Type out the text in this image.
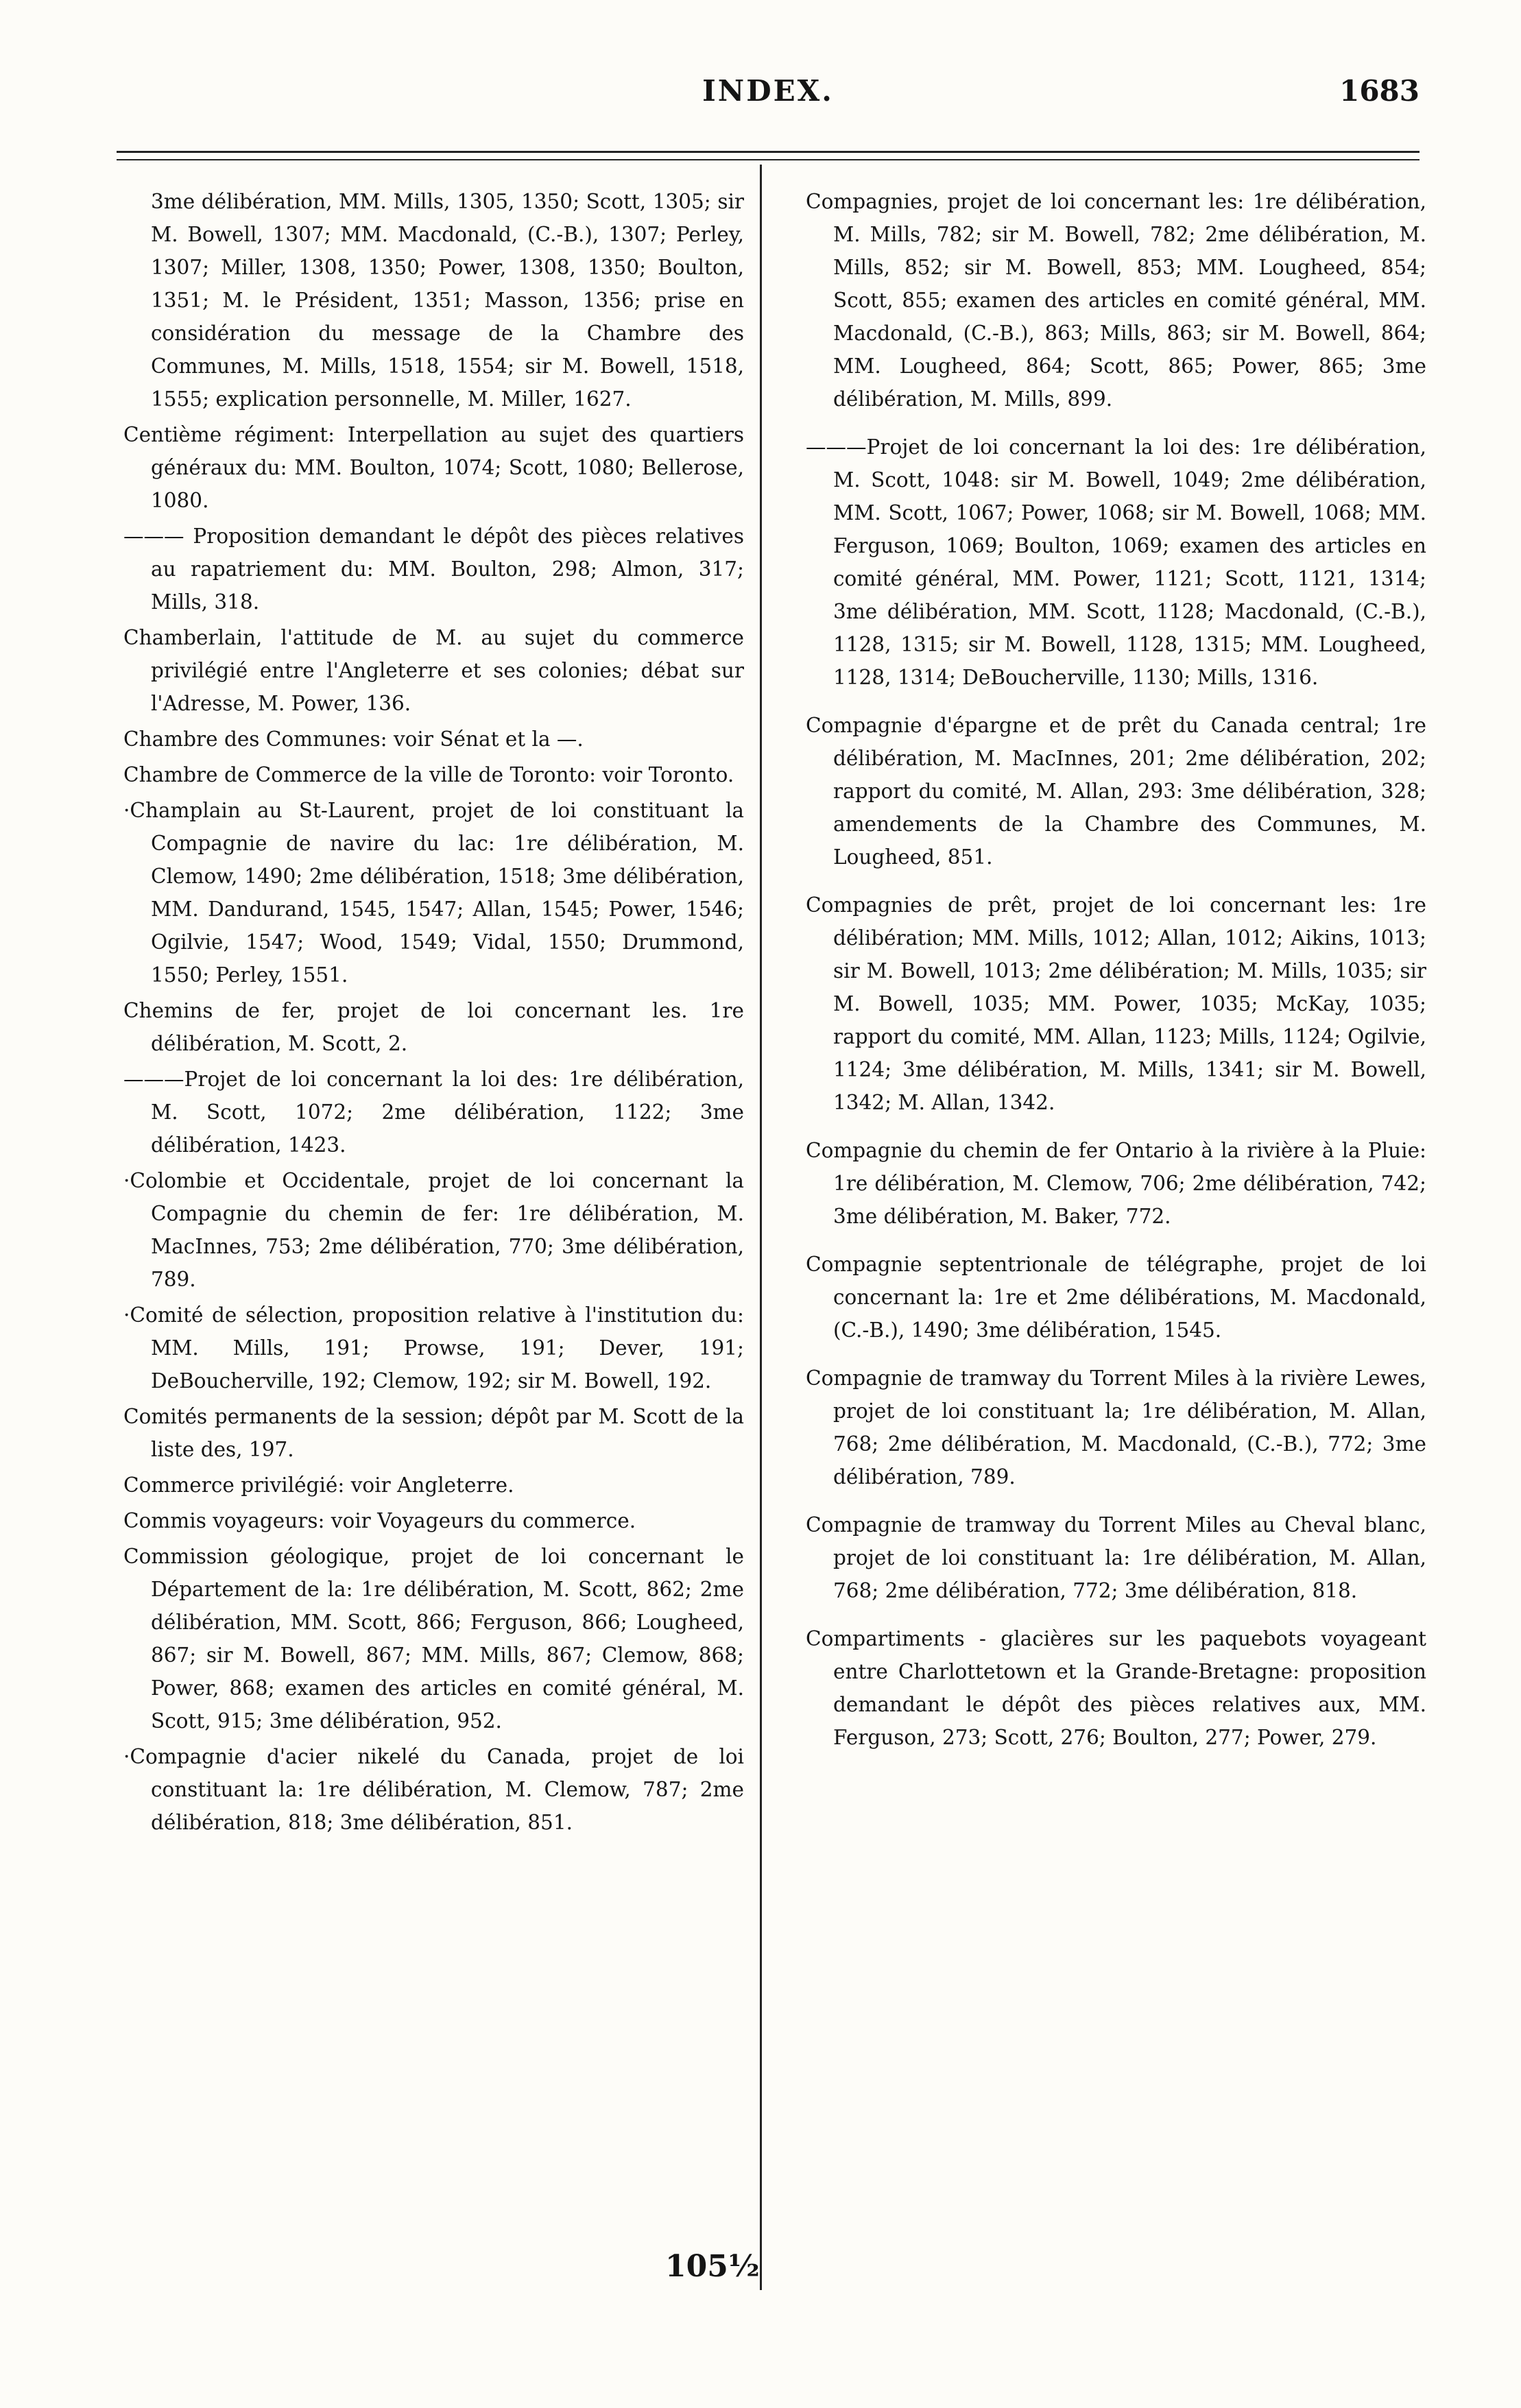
INDEX.	1683

3me délibération, MM. Mills, 1305, 1350; Scott, 1305; sir M. Bowell, 1307; MM. Macdonald, (C.-B.), 1307; Perley, 1307; Miller, 1308, 1350; Power, 1308, 1350; Boulton, 1351; M. le Président, 1351; Masson, 1356; prise en considération du message de la Chambre des Communes, M. Mills, 1518, 1554; sir M. Bowell, 1518, 1555; explication personnelle, M. Miller, 1627.

Centième régiment: Interpellation au sujet des quartiers généraux du: MM. Boulton, 1074; Scott, 1080; Bellerose, 1080.

——— Proposition demandant le dépôt des pièces relatives au rapatriement du: MM. Boulton, 298; Almon, 317; Mills, 318.

Chamberlain, l'attitude de M. au sujet du commerce privilégié entre l'Angleterre et ses colonies; débat sur l'Adresse, M. Power, 136.

Chambre des Communes: voir Sénat et la —.

Chambre de Commerce de la ville de Toronto: voir Toronto.

·Champlain au St-Laurent, projet de loi constituant la Compagnie de navire du lac: 1re délibération, M. Clemow, 1490; 2me délibération, 1518; 3me délibération, MM. Dandurand, 1545, 1547; Allan, 1545; Power, 1546; Ogilvie, 1547; Wood, 1549; Vidal, 1550; Drummond, 1550; Perley, 1551.

Chemins de fer, projet de loi concernant les. 1re délibération, M. Scott, 2.

———Projet de loi concernant la loi des: 1re délibération, M. Scott, 1072; 2me délibération, 1122; 3me délibération, 1423.

·Colombie et Occidentale, projet de loi concernant la Compagnie du chemin de fer: 1re délibération, M. MacInnes, 753; 2me délibération, 770; 3me délibération, 789.

·Comité de sélection, proposition relative à l'institution du: MM. Mills, 191; Prowse, 191; Dever, 191; DeBoucherville, 192; Clemow, 192; sir M. Bowell, 192.

Comités permanents de la session; dépôt par M. Scott de la liste des, 197.

Commerce privilégié: voir Angleterre.

Commis voyageurs: voir Voyageurs du commerce.

Commission géologique, projet de loi concernant le Département de la: 1re délibération, M. Scott, 862; 2me délibération, MM. Scott, 866; Ferguson, 866; Lougheed, 867; sir M. Bowell, 867; MM. Mills, 867; Clemow, 868; Power, 868; examen des articles en comité général, M. Scott, 915; 3me délibération, 952.

·Compagnie d'acier nikelé du Canada, projet de loi constituant la: 1re délibération, M. Clemow, 787; 2me délibération, 818; 3me délibération, 851.

Compagnies, projet de loi concernant les: 1re délibération, M. Mills, 782; sir M. Bowell, 782; 2me délibération, M. Mills, 852; sir M. Bowell, 853; MM. Lougheed, 854; Scott, 855; examen des articles en comité général, MM. Macdonald, (C.-B.), 863; Mills, 863; sir M. Bowell, 864; MM. Lougheed, 864; Scott, 865; Power, 865; 3me délibération, M. Mills, 899.

———Projet de loi concernant la loi des: 1re délibération, M. Scott, 1048: sir M. Bowell, 1049; 2me délibération, MM. Scott, 1067; Power, 1068; sir M. Bowell, 1068; MM. Ferguson, 1069; Boulton, 1069; examen des articles en comité général, MM. Power, 1121; Scott, 1121, 1314; 3me délibération, MM. Scott, 1128; Macdonald, (C.-B.), 1128, 1315; sir M. Bowell, 1128, 1315; MM. Lougheed, 1128, 1314; DeBoucherville, 1130; Mills, 1316.

Compagnie d'épargne et de prêt du Canada central; 1re délibération, M. MacInnes, 201; 2me délibération, 202; rapport du comité, M. Allan, 293: 3me délibération, 328; amendements de la Chambre des Communes, M. Lougheed, 851.

Compagnies de prêt, projet de loi concernant les: 1re délibération; MM. Mills, 1012; Allan, 1012; Aikins, 1013; sir M. Bowell, 1013; 2me délibération; M. Mills, 1035; sir M. Bowell, 1035; MM. Power, 1035; McKay, 1035; rapport du comité, MM. Allan, 1123; Mills, 1124; Ogilvie, 1124; 3me délibération, M. Mills, 1341; sir M. Bowell, 1342; M. Allan, 1342.

Compagnie du chemin de fer Ontario à la rivière à la Pluie: 1re délibération, M. Clemow, 706; 2me délibération, 742; 3me délibération, M. Baker, 772.

Compagnie septentrionale de télégraphe, projet de loi concernant la: 1re et 2me délibérations, M. Macdonald, (C.-B.), 1490; 3me délibération, 1545.

Compagnie de tramway du Torrent Miles à la rivière Lewes, projet de loi constituant la; 1re délibération, M. Allan, 768; 2me délibération, M. Macdonald, (C.-B.), 772; 3me délibération, 789.

Compagnie de tramway du Torrent Miles au Cheval blanc, projet de loi constituant la: 1re délibération, M. Allan, 768; 2me délibération, 772; 3me délibération, 818.

Compartiments - glacières sur les paquebots voyageant entre Charlottetown et la Grande-Bretagne: proposition demandant le dépôt des pièces relatives aux, MM. Ferguson, 273; Scott, 276; Boulton, 277; Power, 279.

105½
